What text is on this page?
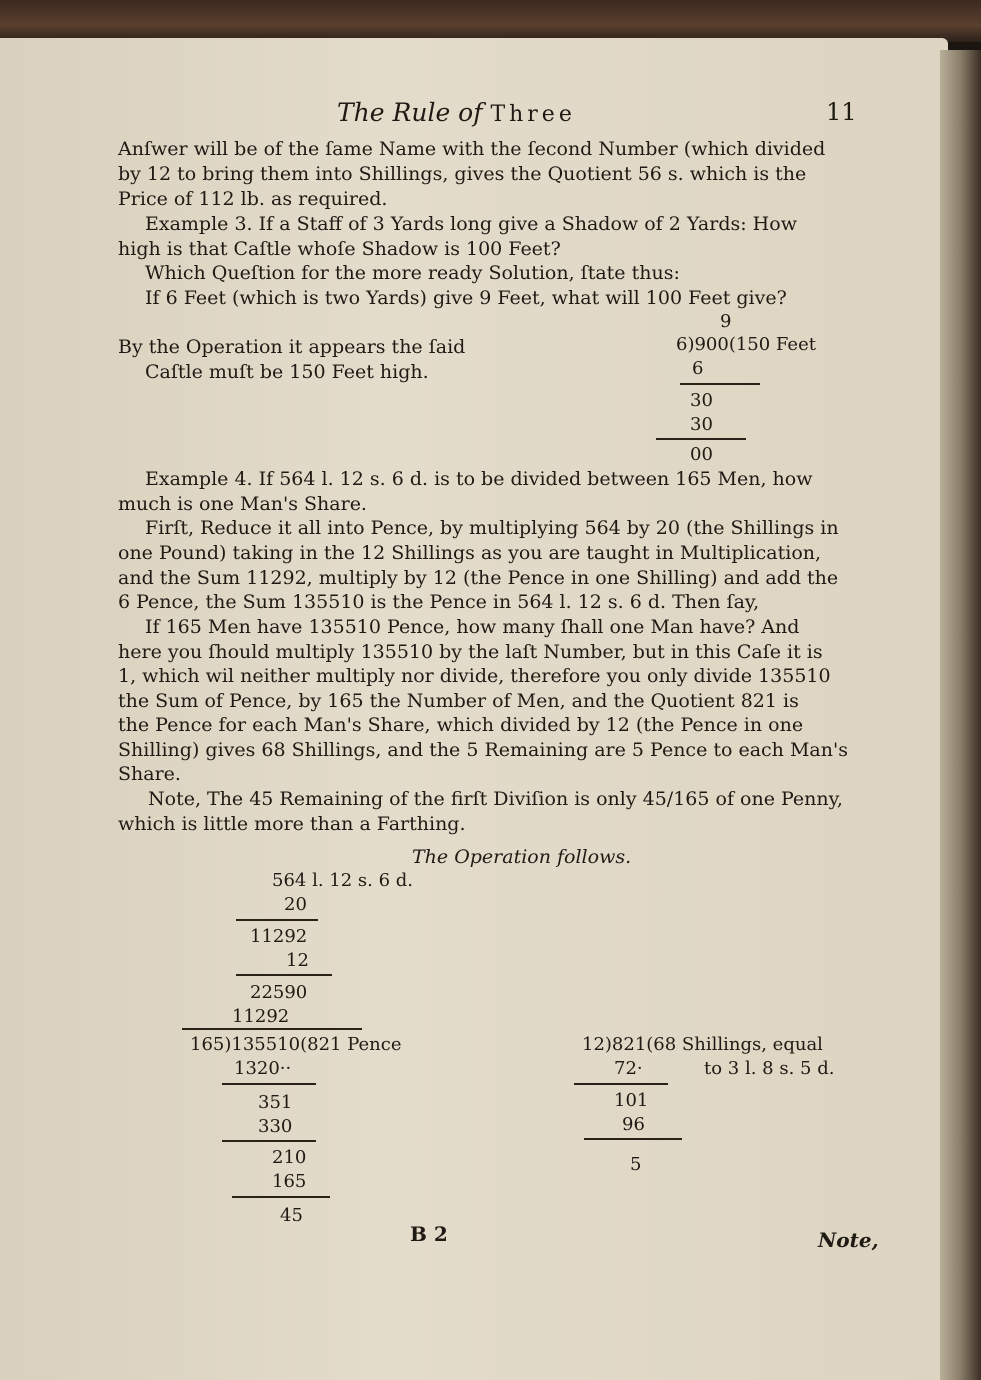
The Rule of Three	11
Anſwer will be of the ſame Name with the ſecond Number (which divided
by 12 to bring them into Shillings, gives the Quotient 56 s. which is the
Price of 112 lb. as required.
Example 3. If a Staff of 3 Yards long give a Shadow of 2 Yards: How
high is that Caſtle whoſe Shadow is 100 Feet?
Which Queſtion for the more ready Solution, ſtate thus:
If 6 Feet (which is two Yards) give 9 Feet, what will 100 Feet give?
By the Operation it appears the ſaid
Caſtle muſt be 150 Feet high.
9
6)900(150 Feet
6
30
30
00
Example 4. If 564 l. 12 s. 6 d. is to be divided between 165 Men, how
much is one Man's Share.
Firſt, Reduce it all into Pence, by multiplying 564 by 20 (the Shillings in
one Pound) taking in the 12 Shillings as you are taught in Multiplication,
and the Sum 11292, multiply by 12 (the Pence in one Shilling) and add the
6 Pence, the Sum 135510 is the Pence in 564 l. 12 s. 6 d. Then ſay,
If 165 Men have 135510 Pence, how many ſhall one Man have? And
here you ſhould multiply 135510 by the laſt Number, but in this Caſe it is
1, which wil neither multiply nor divide, therefore you only divide 135510
the Sum of Pence, by 165 the Number of Men, and the Quotient 821 is
the Pence for each Man's Share, which divided by 12 (the Pence in one
Shilling) gives 68 Shillings, and the 5 Remaining are 5 Pence to each Man's
Share.
Note, The 45 Remaining of the firſt Diviſion is only 45/165 of one Penny,
which is little more than a Farthing.
The Operation follows.
564 l. 12 s. 6 d.
20
11292
12
22590
11292
165)135510(821 Pence
1320··
351
330
210
165
45
12)821(68 Shillings, equal
72·	to 3 l. 8 s. 5 d.
101
96
5
B 2	Note,
